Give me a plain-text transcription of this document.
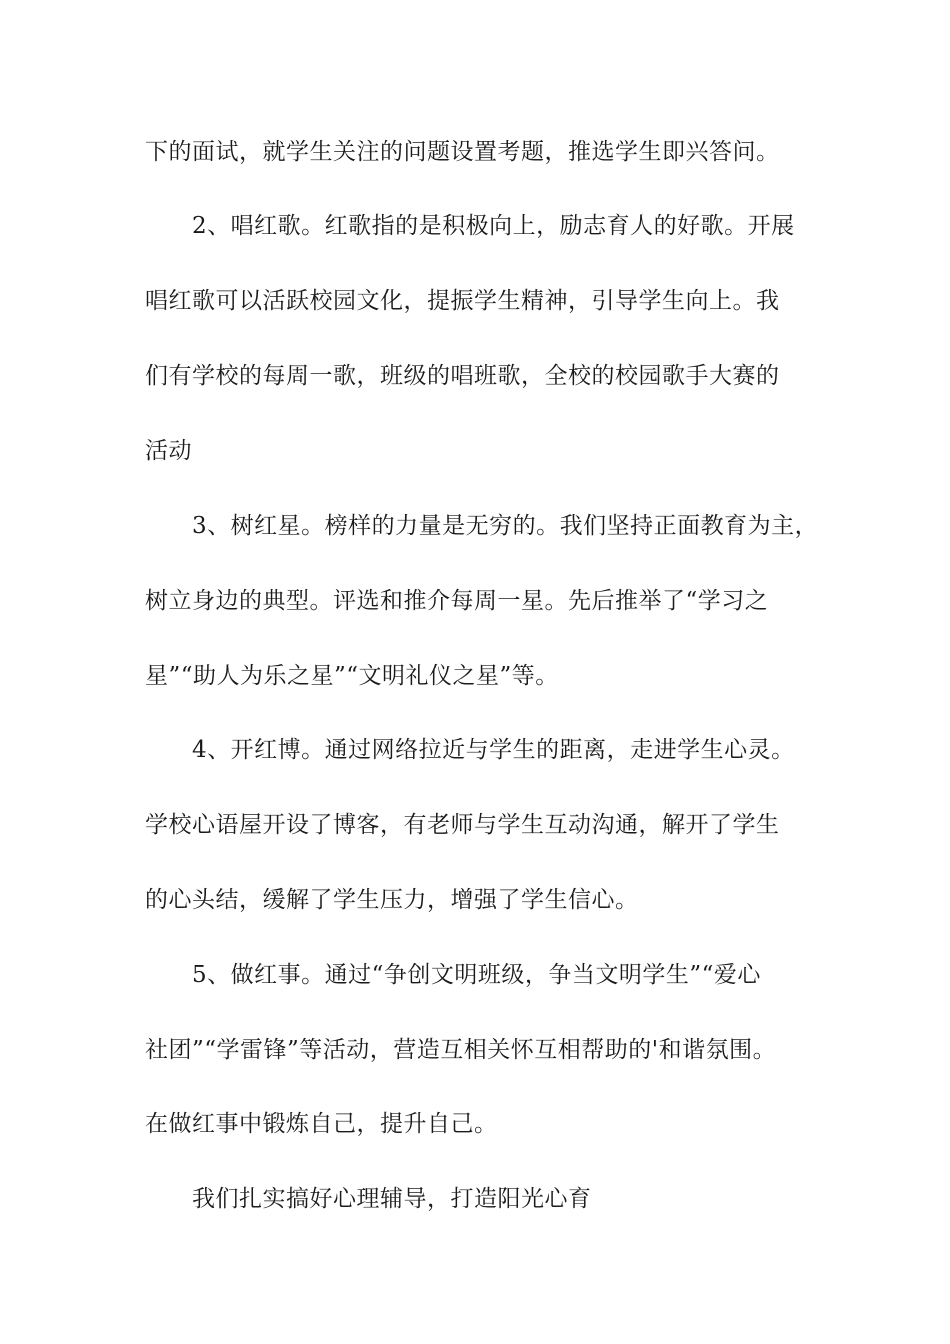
下的面试，就学生关注的问题设置考题，推选学生即兴答问。
2、唱红歌。红歌指的是积极向上，励志育人的好歌。开展
唱红歌可以活跃校园文化，提振学生精神，引导学生向上。我
们有学校的每周一歌，班级的唱班歌，全校的校园歌手大赛的
活动
3、树红星。榜样的力量是无穷的。我们坚持正面教育为主，
树立身边的典型。评选和推介每周一星。先后推举了“学习之
星”“助人为乐之星”“文明礼仪之星”等。
4、开红博。通过网络拉近与学生的距离，走进学生心灵。
学校心语屋开设了博客，有老师与学生互动沟通，解开了学生
的心头结，缓解了学生压力，增强了学生信心。
5、做红事。通过“争创文明班级，争当文明学生”“爱心
社团”“学雷锋”等活动，营造互相关怀互相帮助的'和谐氛围。
在做红事中锻炼自己，提升自己。
我们扎实搞好心理辅导，打造阳光心育
